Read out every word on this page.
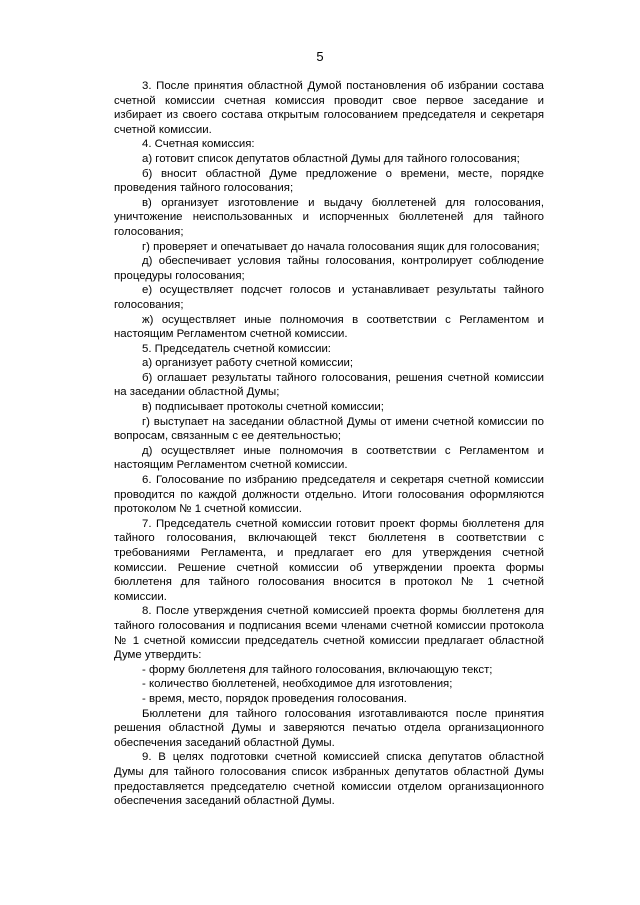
5

3. После принятия областной Думой постановления об избрании состава счетной комиссии счетная комиссия проводит свое первое заседание и избирает из своего состава открытым голосованием председателя и секретаря счетной комиссии.

4. Счетная комиссия:

а) готовит список депутатов областной Думы для тайного голосования;

б) вносит областной Думе предложение о времени, месте, порядке проведения тайного голосования;

в) организует изготовление и выдачу бюллетеней для голосования, уничтожение неиспользованных и испорченных бюллетеней для тайного голосования;

г) проверяет и опечатывает до начала голосования ящик для голосования;

д) обеспечивает условия тайны голосования, контролирует соблюдение процедуры голосования;

е) осуществляет подсчет голосов и устанавливает результаты тайного голосования;

ж) осуществляет иные полномочия в соответствии с Регламентом и настоящим Регламентом счетной комиссии.

5. Председатель счетной комиссии:

а) организует работу счетной комиссии;

б) оглашает результаты тайного голосования, решения счетной комиссии на заседании областной Думы;

в) подписывает протоколы счетной комиссии;

г) выступает на заседании областной Думы от имени счетной комиссии по вопросам, связанным с ее деятельностью;

д) осуществляет иные полномочия в соответствии с Регламентом и настоящим Регламентом счетной комиссии.

6. Голосование по избранию председателя и секретаря счетной комиссии проводится по каждой должности отдельно. Итоги голосования оформляются протоколом № 1 счетной комиссии.

7. Председатель счетной комиссии готовит проект формы бюллетеня для тайного голосования, включающей текст бюллетеня в соответствии с требованиями Регламента, и предлагает его для утверждения счетной комиссии. Решение счетной комиссии об утверждении проекта формы бюллетеня для тайного голосования вносится в протокол № 1 счетной комиссии.

8. После утверждения счетной комиссией проекта формы бюллетеня для тайного голосования и подписания всеми членами счетной комиссии протокола № 1 счетной комиссии председатель счетной комиссии предлагает областной Думе утвердить:

- форму бюллетеня для тайного голосования, включающую текст;

- количество бюллетеней, необходимое для изготовления;

- время, место, порядок проведения голосования.

Бюллетени для тайного голосования изготавливаются после принятия решения областной Думы и заверяются печатью отдела организационного обеспечения заседаний областной Думы.

9. В целях подготовки счетной комиссией списка депутатов областной Думы для тайного голосования список избранных депутатов областной Думы предоставляется председателю счетной комиссии отделом организационного обеспечения заседаний областной Думы.
